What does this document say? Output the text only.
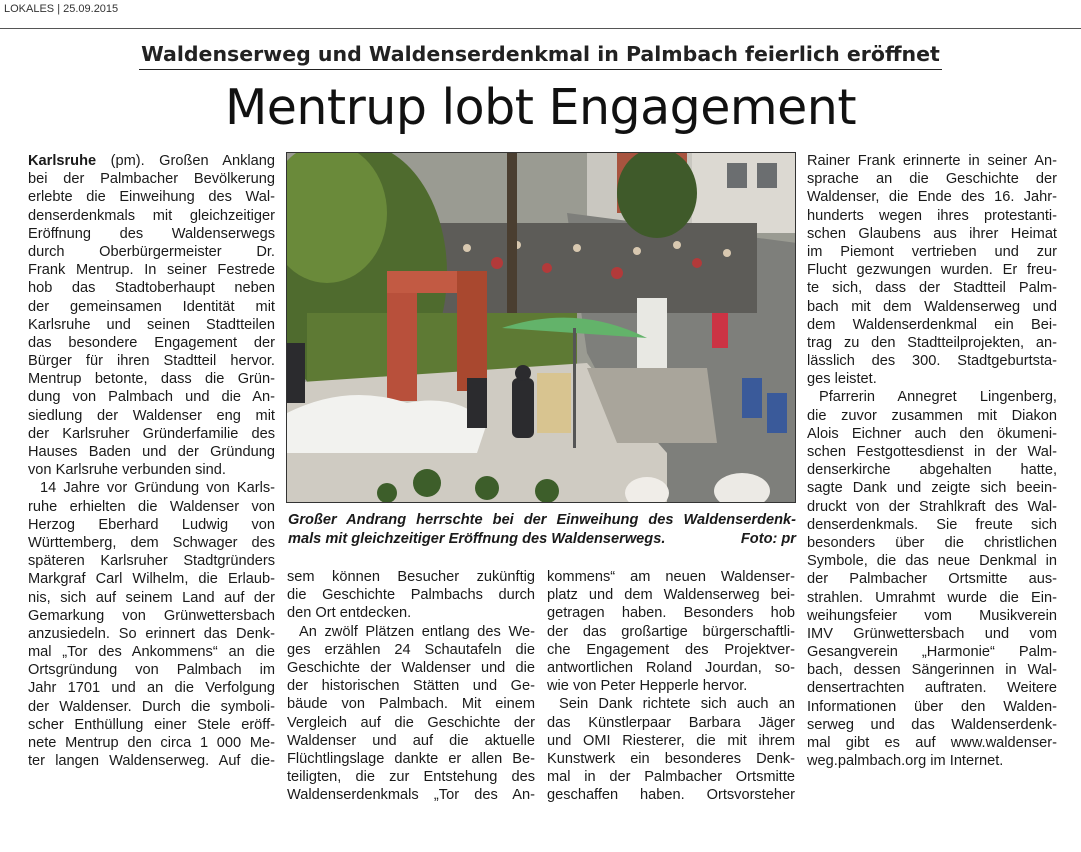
LOKALES | 25.09.2015
Waldenserweg und Waldenserdenkmal in Palmbach feierlich eröffnet
Mentrup lobt Engagement
Karlsruhe (pm). Großen Anklang
bei der Palmbacher Bevölkerung
erlebte die Einweihung des Wal-
denserdenkmals mit gleichzeitiger
Eröffnung des Waldenserwegs
durch Oberbürgermeister Dr.
Frank Mentrup. In seiner Festrede
hob das Stadtoberhaupt neben
der gemeinsamen Identität mit
Karlsruhe und seinen Stadtteilen
das besondere Engagement der
Bürger für ihren Stadtteil hervor.
Mentrup betonte, dass die Grün-
dung von Palmbach und die An-
siedlung der Waldenser eng mit
der Karlsruher Gründerfamilie des
Hauses Baden und der Gründung
von Karlsruhe verbunden sind.
14 Jahre vor Gründung von Karls-
ruhe erhielten die Waldenser von
Herzog Eberhard Ludwig von
Württemberg, dem Schwager des
späteren Karlsruher Stadtgründers
Markgraf Carl Wilhelm, die Erlaub-
nis, sich auf seinem Land auf der
Gemarkung von Grünwettersbach
anzusiedeln. So erinnert das Denk-
mal „Tor des Ankommens“ an die
Ortsgründung von Palmbach im
Jahr 1701 und an die Verfolgung
der Waldenser. Durch die symboli-
scher Enthüllung einer Stele eröff-
nete Mentrup den circa 1 000 Me-
ter langen Waldenserweg. Auf die-
Großer Andrang herrschte bei der Einweihung des Waldenserdenk-
mals mit gleichzeitiger Eröffnung des Waldenserwegs.	Foto: pr
sem können Besucher zukünftig
die Geschichte Palmbachs durch
den Ort entdecken.
An zwölf Plätzen entlang des We-
ges erzählen 24 Schautafeln die
Geschichte der Waldenser und die
der historischen Stätten und Ge-
bäude von Palmbach. Mit einem
Vergleich auf die Geschichte der
Waldenser und auf die aktuelle
Flüchtlingslage dankte er allen Be-
teiligten, die zur Entstehung des
Waldenserdenkmals „Tor des An-
kommens“ am neuen Waldenser-
platz und dem Waldenserweg bei-
getragen haben. Besonders hob
der das großartige bürgerschaftli-
che Engagement des Projektver-
antwortlichen Roland Jourdan, so-
wie von Peter Hepperle hervor.
Sein Dank richtete sich auch an
das Künstlerpaar Barbara Jäger
und OMI Riesterer, die mit ihrem
Kunstwerk ein besonderes Denk-
mal in der Palmbacher Ortsmitte
geschaffen haben. Ortsvorsteher
Rainer Frank erinnerte in seiner An-
sprache an die Geschichte der
Waldenser, die Ende des 16. Jahr-
hunderts wegen ihres protestanti-
schen Glaubens aus ihrer Heimat
im Piemont vertrieben und zur
Flucht gezwungen wurden. Er freu-
te sich, dass der Stadtteil Palm-
bach mit dem Waldenserweg und
dem Waldenserdenkmal ein Bei-
trag zu den Stadtteilprojekten, an-
lässlich des 300. Stadtgeburtsta-
ges leistet.
Pfarrerin Annegret Lingenberg,
die zuvor zusammen mit Diakon
Alois Eichner auch den ökumeni-
schen Festgottesdienst in der Wal-
denserkirche abgehalten hatte,
sagte Dank und zeigte sich beein-
druckt von der Strahlkraft des Wal-
denserdenkmals. Sie freute sich
besonders über die christlichen
Symbole, die das neue Denkmal in
der Palmbacher Ortsmitte aus-
strahlen. Umrahmt wurde die Ein-
weihungsfeier vom Musikverein
IMV Grünwettersbach und vom
Gesangverein „Harmonie“ Palm-
bach, dessen Sängerinnen in Wal-
densertrachten auftraten. Weitere
Informationen über den Walden-
serweg und das Waldenserdenk-
mal gibt es auf www.waldenser-
weg.palmbach.org im Internet.
